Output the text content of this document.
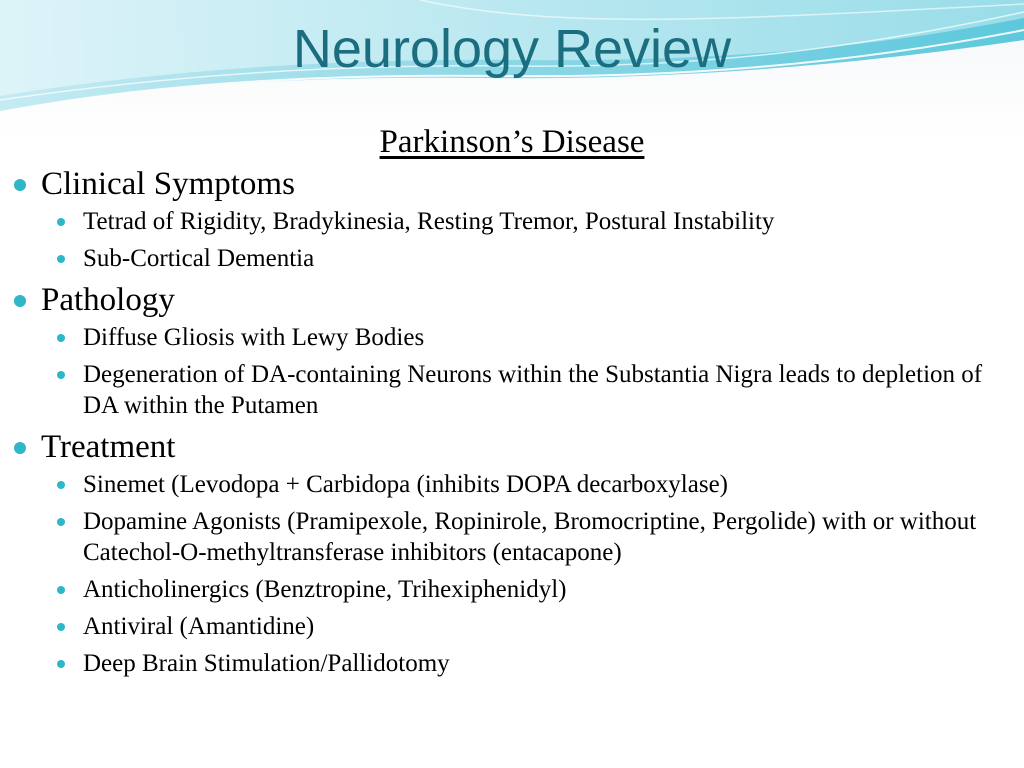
Neurology Review
Parkinson’s Disease
Clinical Symptoms
Tetrad of Rigidity, Bradykinesia, Resting Tremor, Postural Instability
Sub-Cortical Dementia
Pathology
Diffuse Gliosis with Lewy Bodies
Degeneration of DA-containing Neurons within the Substantia Nigra leads to depletion of DA within the Putamen
Treatment
Sinemet (Levodopa + Carbidopa (inhibits DOPA decarboxylase)
Dopamine Agonists (Pramipexole, Ropinirole, Bromocriptine, Pergolide) with or without Catechol-O-methyltransferase inhibitors (entacapone)
Anticholinergics (Benztropine, Trihexiphenidyl)
Antiviral (Amantidine)
Deep Brain Stimulation/Pallidotomy
